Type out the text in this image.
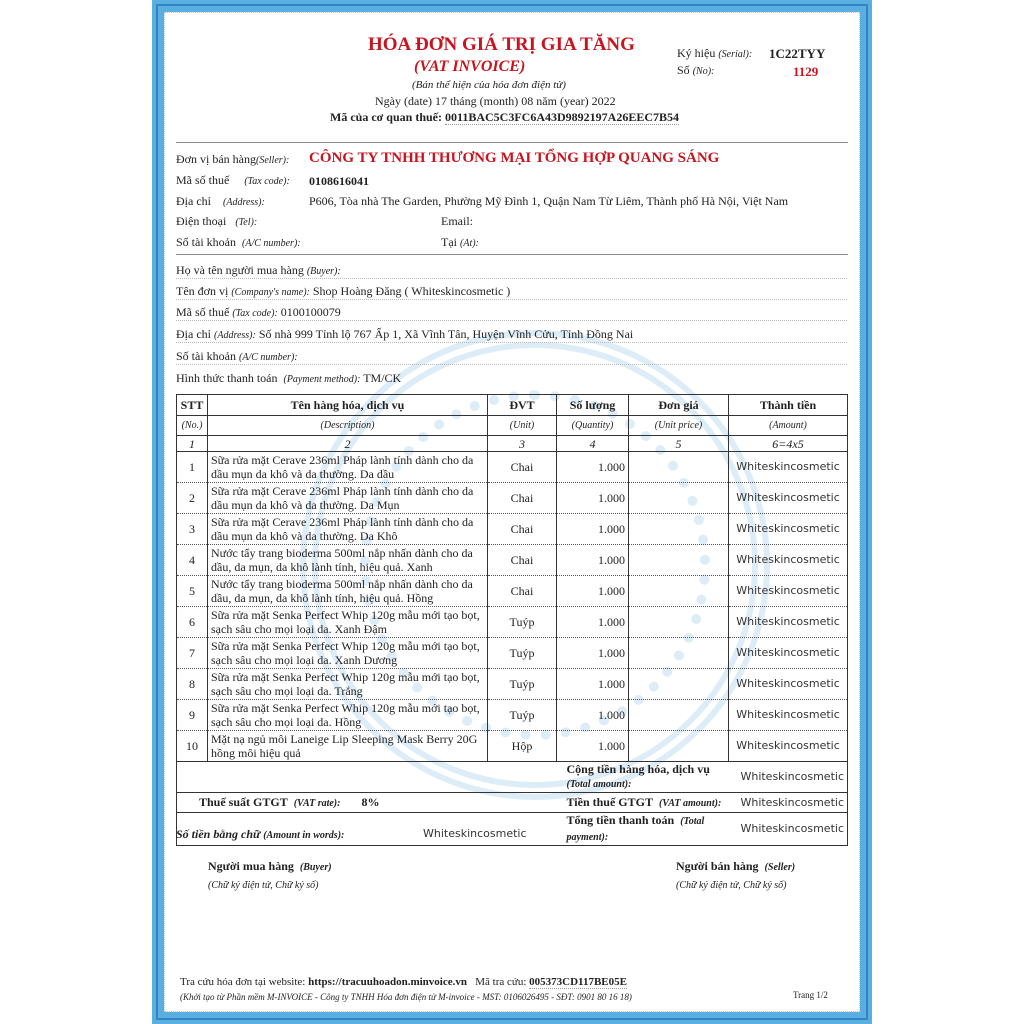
HÓA ĐƠN GIÁ TRỊ GIA TĂNG
(VAT INVOICE)
(Bản thể hiện của hóa đơn điện tử)
Ngày (date) 17 tháng (month) 08 năm (year) 2022
Mã của cơ quan thuế: 0011BAC5C3FC6A43D9892197A26EEC7B54
Ký hiệu (Serial): 1C22TYY
Số (No):	1129
Đơn vị bán hàng(Seller): CÔNG TY TNHH THƯƠNG MẠI TỔNG HỢP QUANG SÁNG
Mã số thuế (Tax code): 0108616041
Địa chỉ (Address):	P606, Tòa nhà The Garden, Phường Mỹ Đình 1, Quận Nam Từ Liêm, Thành phố Hà Nội, Việt Nam
Điện thoại (Tel):	Email:
Số tài khoản (A/C number):	Tại (At):
Họ và tên người mua hàng (Buyer):
Tên đơn vị (Company's name): Shop Hoàng Đăng ( Whiteskincosmetic )
Mã số thuế (Tax code): 0100100079
Địa chỉ (Address): Số nhà 999 Tỉnh lộ 767 Ấp 1, Xã Vĩnh Tân, Huyện Vĩnh Cửu, Tỉnh Đồng Nai
Số tài khoản (A/C number):
Hình thức thanh toán (Payment method): TM/CK
STT	Tên hàng hóa, dịch vụ	ĐVT	Số lượng	Đơn giá	Thành tiền
(No.)	(Description)	(Unit)	(Quantity)	(Unit price)	(Amount)
1	2	3	4	5	6=4x5
1	Sữa rửa mặt Cerave 236ml Pháp lành tính dành cho da dầu mụn da khô và da thường. Da dầu	Chai	1.000		Whiteskincosmetic
2	Sữa rửa mặt Cerave 236ml Pháp lành tính dành cho da dầu mụn da khô và da thường. Da Mụn	Chai	1.000		Whiteskincosmetic
3	Sữa rửa mặt Cerave 236ml Pháp lành tính dành cho da dầu mụn da khô và da thường. Da Khô	Chai	1.000		Whiteskincosmetic
4	Nước tẩy trang bioderma 500ml nắp nhấn dành cho da dầu, da mụn, da khô lành tính, hiệu quả. Xanh	Chai	1.000		Whiteskincosmetic
5	Nước tẩy trang bioderma 500ml nắp nhấn dành cho da dầu, da mụn, da khô lành tính, hiệu quả. Hồng	Chai	1.000		Whiteskincosmetic
6	Sữa rửa mặt Senka Perfect Whip 120g mẫu mới tạo bọt, sạch sâu cho mọi loại da. Xanh Đậm	Tuýp	1.000		Whiteskincosmetic
7	Sữa rửa mặt Senka Perfect Whip 120g mẫu mới tạo bọt, sạch sâu cho mọi loại da. Xanh Dương	Tuýp	1.000		Whiteskincosmetic
8	Sữa rửa mặt Senka Perfect Whip 120g mẫu mới tạo bọt, sạch sâu cho mọi loại da. Trắng	Tuýp	1.000		Whiteskincosmetic
9	Sữa rửa mặt Senka Perfect Whip 120g mẫu mới tạo bọt, sạch sâu cho mọi loại da. Hồng	Tuýp	1.000		Whiteskincosmetic
10	Mặt nạ ngủ môi Laneige Lip Sleeping Mask Berry 20G hồng môi hiệu quả	Hộp	1.000		Whiteskincosmetic
			Cộng tiền hàng hóa, dịch vụ (Total amount):		Whiteskincosmetic
Thuế suất GTGT (VAT rate): 8%			Tiền thuế GTGT (VAT amount):		Whiteskincosmetic
			Tổng tiền thanh toán (Total payment):		Whiteskincosmetic
Số tiền bằng chữ (Amount in words):	Whiteskincosmetic
Người mua hàng (Buyer)
(Chữ ký điện tử, Chữ ký số)
Người bán hàng (Seller)
(Chữ ký điện tử, Chữ ký số)
Tra cứu hóa đơn tại website: https://tracuuhoadon.minvoice.vn Mã tra cứu: 005373CD117BE05E
(Khởi tạo từ Phần mềm M-INVOICE - Công ty TNHH Hóa đơn điện tử M-invoice - MST: 0106026495 - SĐT: 0901 80 16 18)	Trang 1/2
